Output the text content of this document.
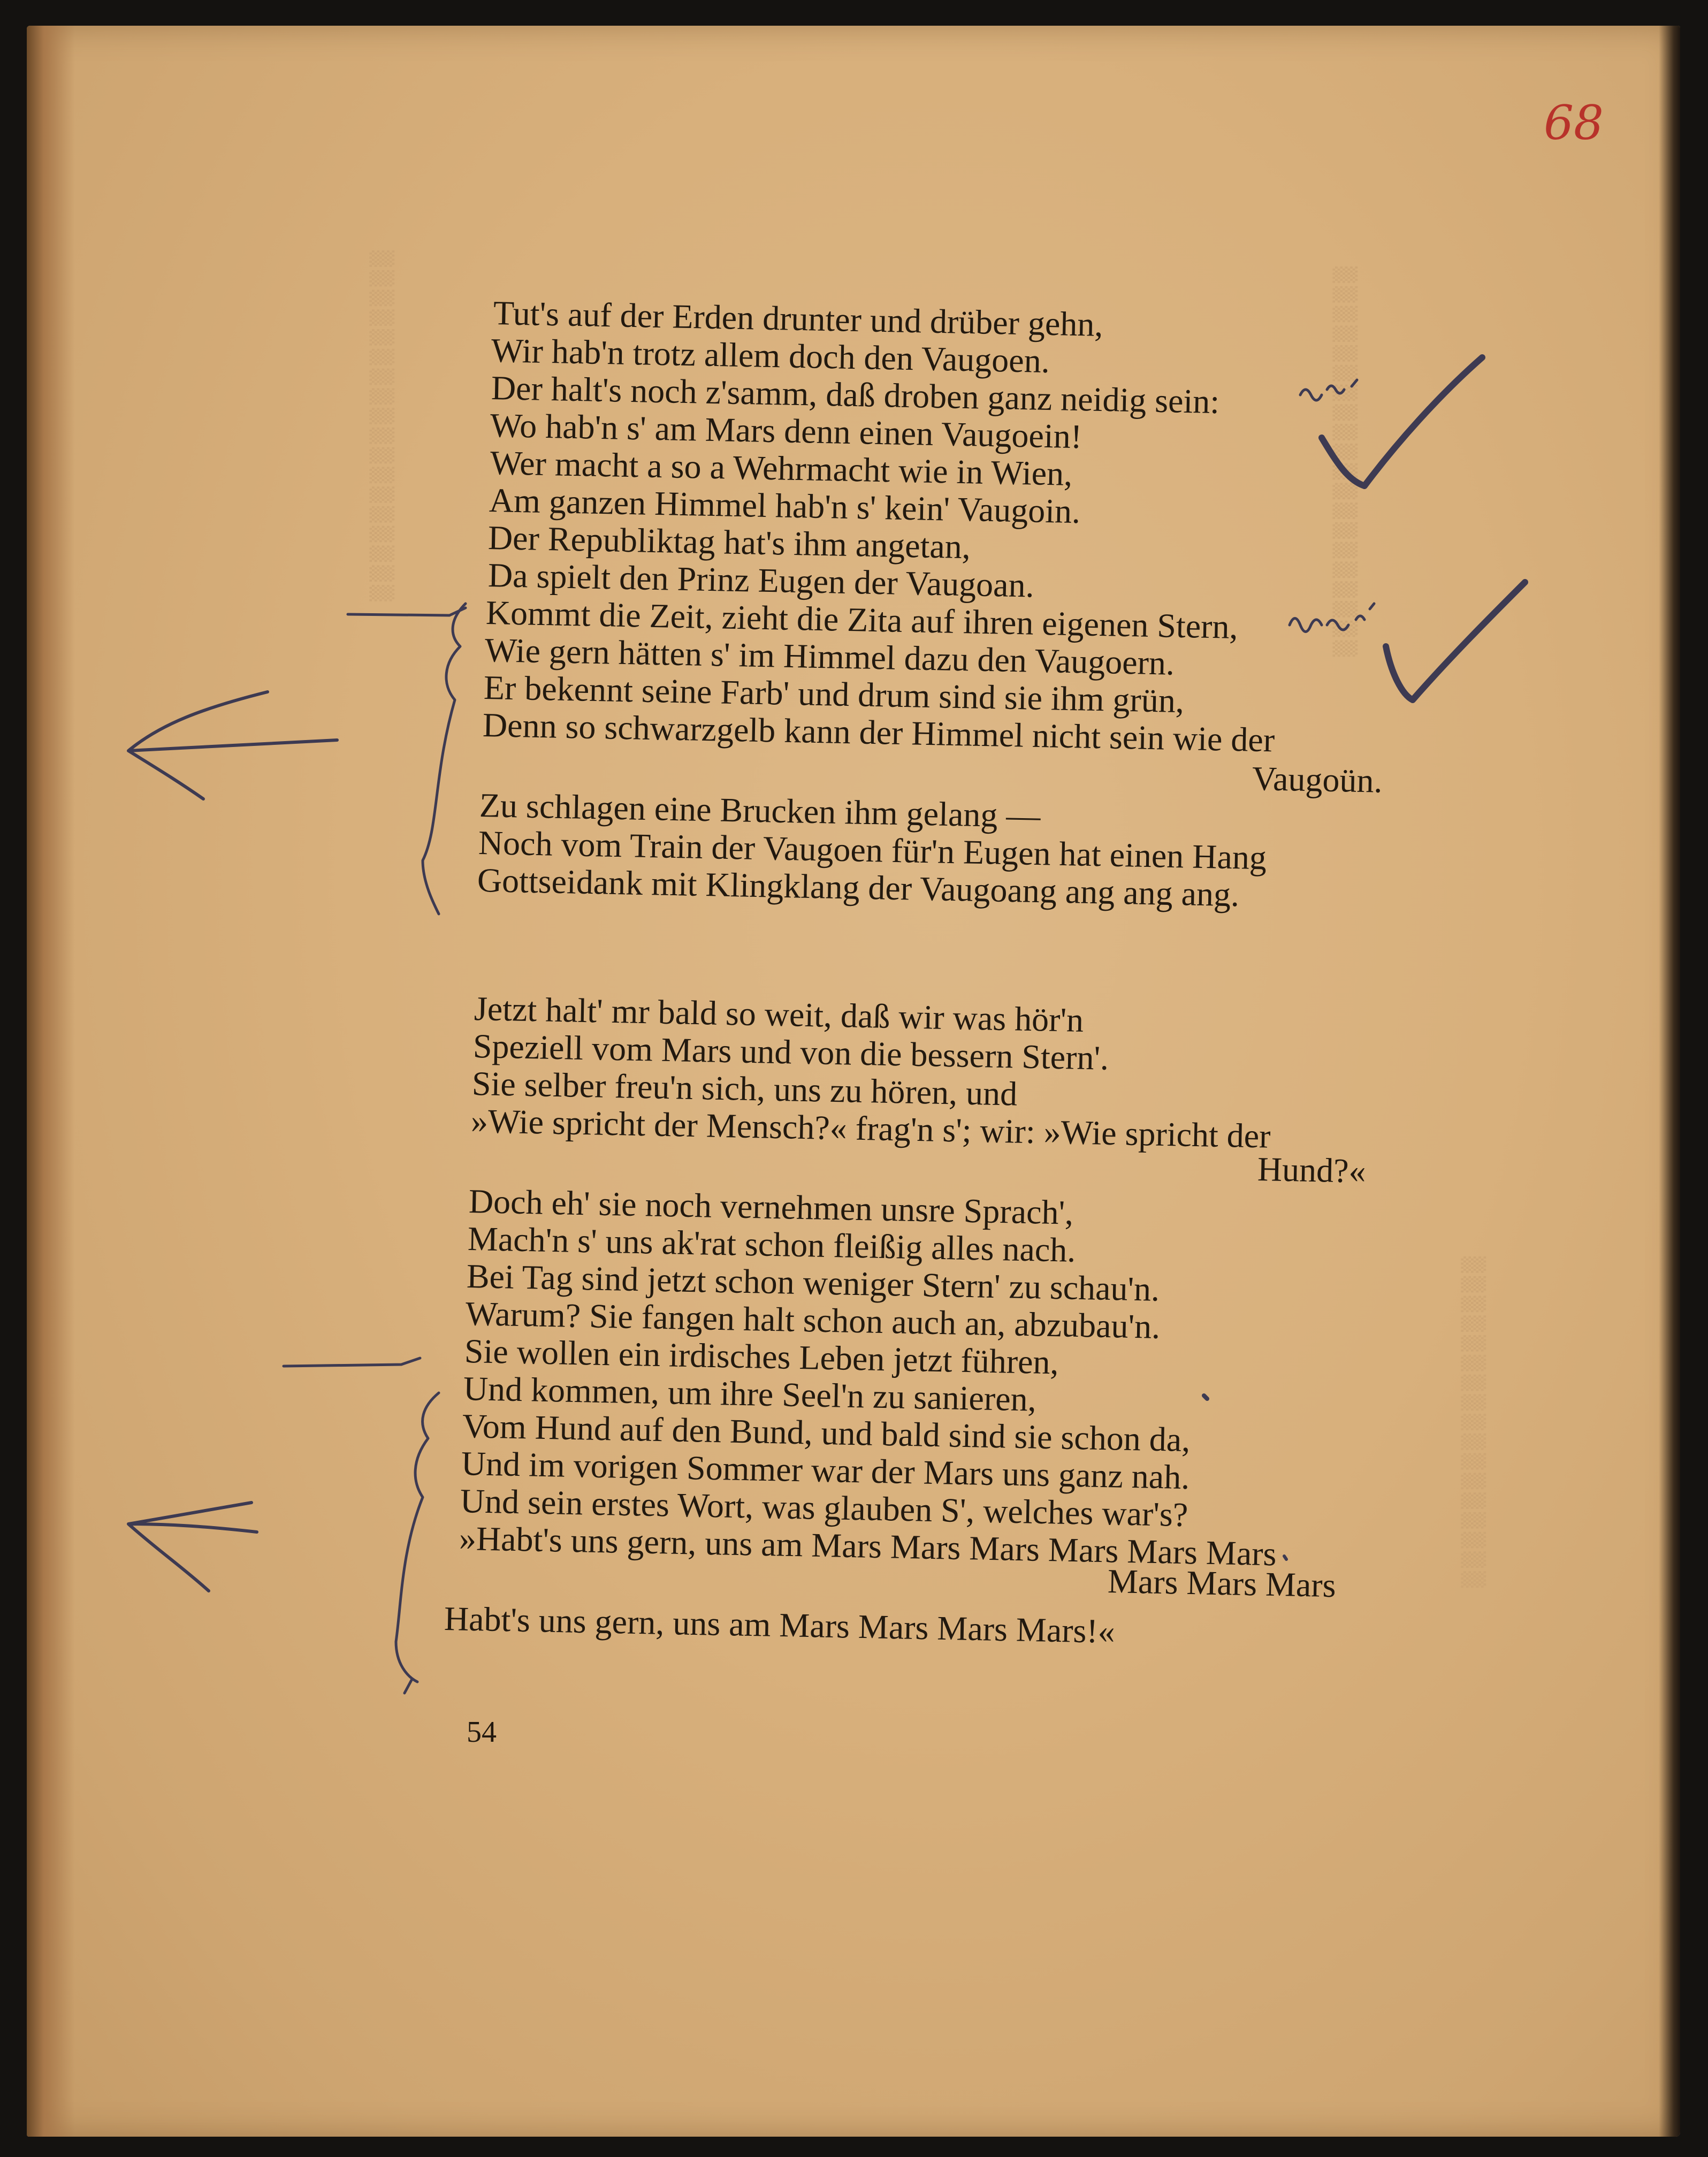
▒▒▒▒▒▒▒▒▒▒▒▒▒▒▒▒▒▒	▒▒▒▒▒▒▒▒▒▒▒▒▒▒▒▒▒▒▒▒
▒▒▒▒▒▒▒▒▒▒▒▒▒▒▒▒▒
68
Tut's auf der Erden drunter und drüber gehn,
Wir hab'n trotz allem doch den Vaugoen.
Der halt's noch z'samm, daß droben ganz neidig sein:
Wo hab'n s' am Mars denn einen Vaugoein!
Wer macht a so a Wehrmacht wie in Wien,
Am ganzen Himmel hab'n s' kein' Vaugoin.
Der Republiktag hat's ihm angetan,
Da spielt den Prinz Eugen der Vaugoan.
Kommt die Zeit, zieht die Zita auf ihren eigenen Stern,
Wie gern hätten s' im Himmel dazu den Vaugoern.
Er bekennt seine Farb' und drum sind sie ihm grün,
Denn so schwarzgelb kann der Himmel nicht sein wie der
Vaugoün.
Zu schlagen eine Brucken ihm gelang —
Noch vom Train der Vaugoen für'n Eugen hat einen Hang
Gottseidank mit Klingklang der Vaugoang ang ang ang.
Jetzt halt' mr bald so weit, daß wir was hör'n
Speziell vom Mars und von die bessern Stern'.
Sie selber freu'n sich, uns zu hören, und
»Wie spricht der Mensch?« frag'n s'; wir: »Wie spricht der
Hund?«
Doch eh' sie noch vernehmen unsre Sprach',
Mach'n s' uns ak'rat schon fleißig alles nach.
Bei Tag sind jetzt schon weniger Stern' zu schau'n.
Warum? Sie fangen halt schon auch an, abzubau'n.
Sie wollen ein irdisches Leben jetzt führen,
Und kommen, um ihre Seel'n zu sanieren,
Vom Hund auf den Bund, und bald sind sie schon da,
Und im vorigen Sommer war der Mars uns ganz nah.
Und sein erstes Wort, was glauben S', welches war's?
»Habt's uns gern, uns am Mars Mars Mars Mars Mars Mars
Mars Mars Mars
Habt's uns gern, uns am Mars Mars Mars Mars!«
54
